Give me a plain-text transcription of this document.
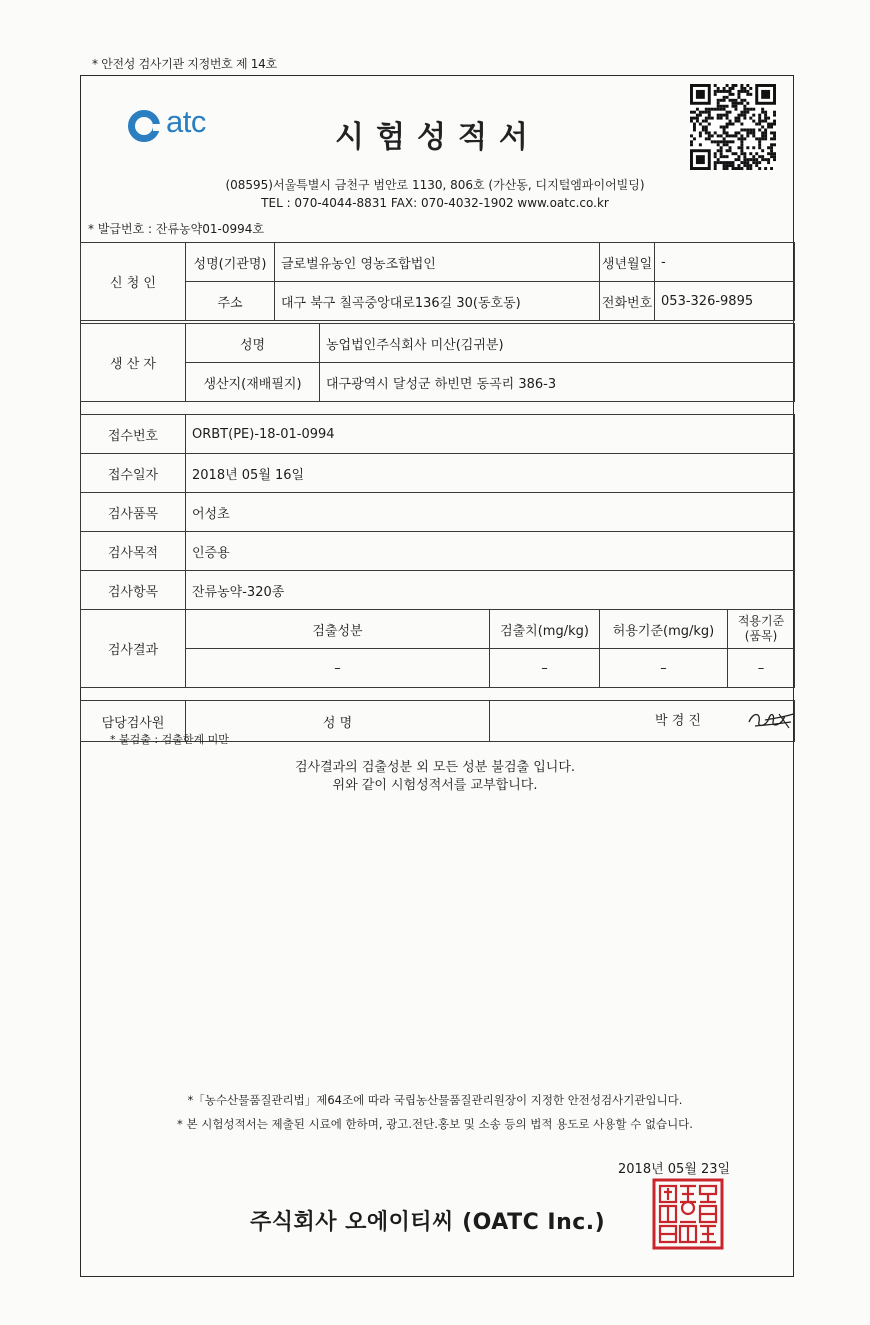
* 안전성 검사기관 지정번호 제 14호
atc	시험성적서
(08595)서울특별시 금천구 범안로 1130, 806호 (가산동, 디지털엠파이어빌딩)
TEL : 070-4044-8831 FAX: 070-4032-1902 www.oatc.co.kr
* 발급번호 : 잔류농약01-0994호
신 청 인	성명(기관명)	글로벌유농인 영농조합법인			생년월일	-	
	주소	대구 북구 칠곡중앙대로136길 30(동호동)			전화번호	053-326-9895	

생 산 자	성명		농업법인주식회사 미산(김귀분)				
	생산지(재배필지)		대구광역시 달성군 하빈면 동곡리 386-3				

접수번호	ORBT(PE)-18-01-0994						
접수일자	2018년 05월 16일						
검사품목	어성초						
검사목적	인증용						
검사항목	잔류농약-320종						
검사결과	검출성분			검출치(mg/kg)	허용기준(mg/kg)		적용기준
(품목)
	–			–	–		–

담당검사원	성 명			박 경 진			
* 불검출 : 검출한계 미만
검사결과의 검출성분 외 모든 성분 불검출 입니다.
위와 같이 시험성적서를 교부합니다.
*「농수산물품질관리법」제64조에 따라 국립농산물품질관리원장이 지정한 안전성검사기관입니다.
* 본 시험성적서는 제출된 시료에 한하며, 광고.전단.홍보 및 소송 등의 법적 용도로 사용할 수 없습니다.
2018년 05월 23일
주식회사 오에이티씨 (OATC Inc.)
